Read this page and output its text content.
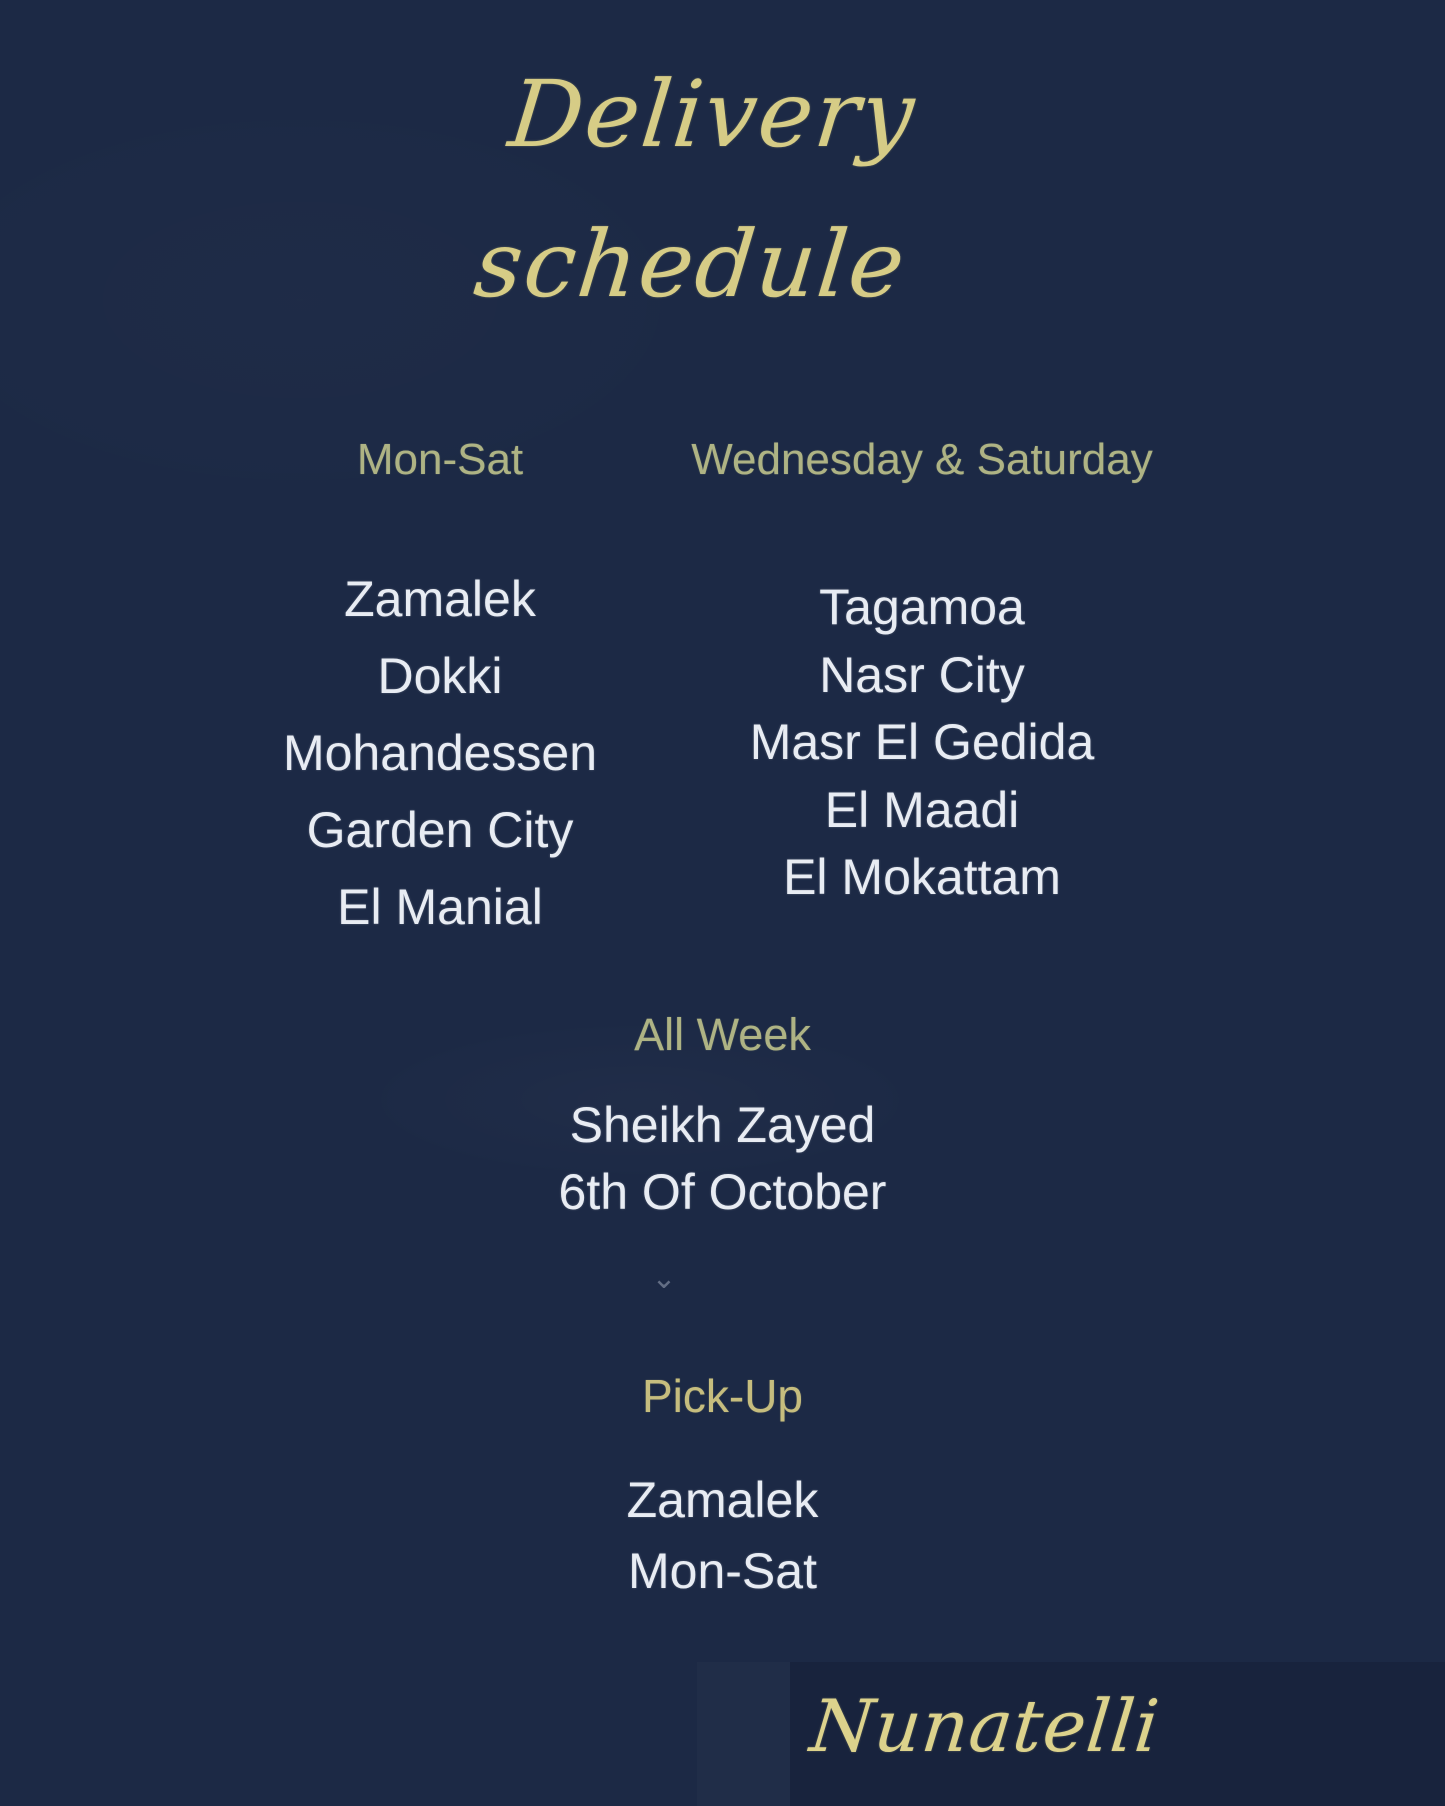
Delivery
schedule
Mon-Sat	Wednesday & Saturday
Zamalek
Dokki
Mohandessen
Garden City
El Manial
Tagamoa
Nasr City
Masr El Gedida
El Maadi
El Mokattam
All Week
Sheikh Zayed
6th Of October
⌄
Pick-Up
Zamalek
Mon-Sat
Nunatelli
